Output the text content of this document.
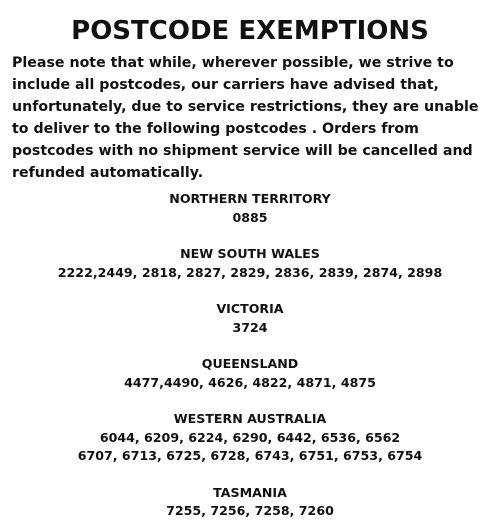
POSTCODE EXEMPTIONS
Please note that while, wherever possible, we strive to include all postcodes, our carriers have advised that, unfortunately, due to service restrictions, they are unable to deliver to the following postcodes . Orders from postcodes with no shipment service will be cancelled and refunded automatically.
NORTHERN TERRITORY
0885
NEW SOUTH WALES
2222,2449, 2818, 2827, 2829, 2836, 2839, 2874, 2898
VICTORIA
3724
QUEENSLAND
4477,4490, 4626, 4822, 4871, 4875
WESTERN AUSTRALIA
6044, 6209, 6224, 6290, 6442, 6536, 6562
6707, 6713, 6725, 6728, 6743, 6751, 6753, 6754
TASMANIA
7255, 7256, 7258, 7260
